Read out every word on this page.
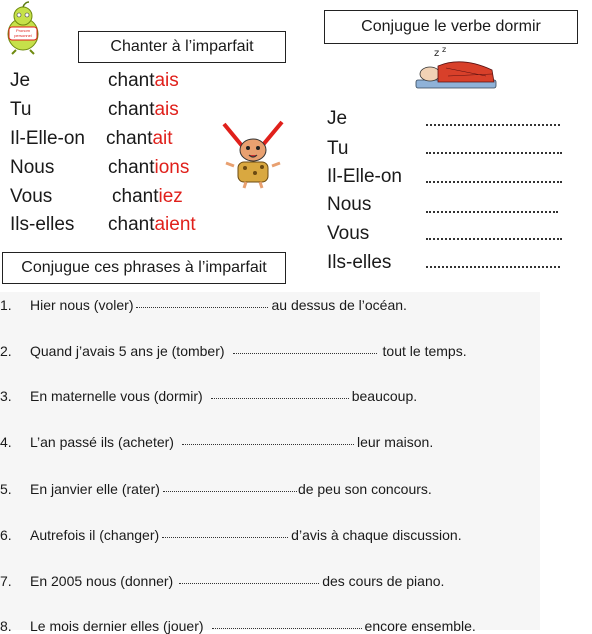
Pronom personnel
Chanter à l’imparfait
Conjugue le verbe dormir
Je	chantais
Tu	chantais
Il-Elle-on chantait
Nous	chantions
Vous	chantiez
Ils-elles chantaient
z z
Je
Tu
Il-Elle-on
Nous
Vous
Ils-elles
Conjugue ces phrases à l’imparfait
1. Hier nous (voler)	au dessus de l’océan.
2. Quand j’avais 5 ans je (tomber)	tout le temps.
3. En maternelle vous (dormir)	beaucoup.
4. L’an passé ils (acheter)	leur maison.
5. En janvier elle (rater)	de peu son concours.
6. Autrefois il (changer)	d’avis à chaque discussion.
7. En 2005 nous (donner)	des cours de piano.
8. Le mois dernier elles (jouer)	encore ensemble.
